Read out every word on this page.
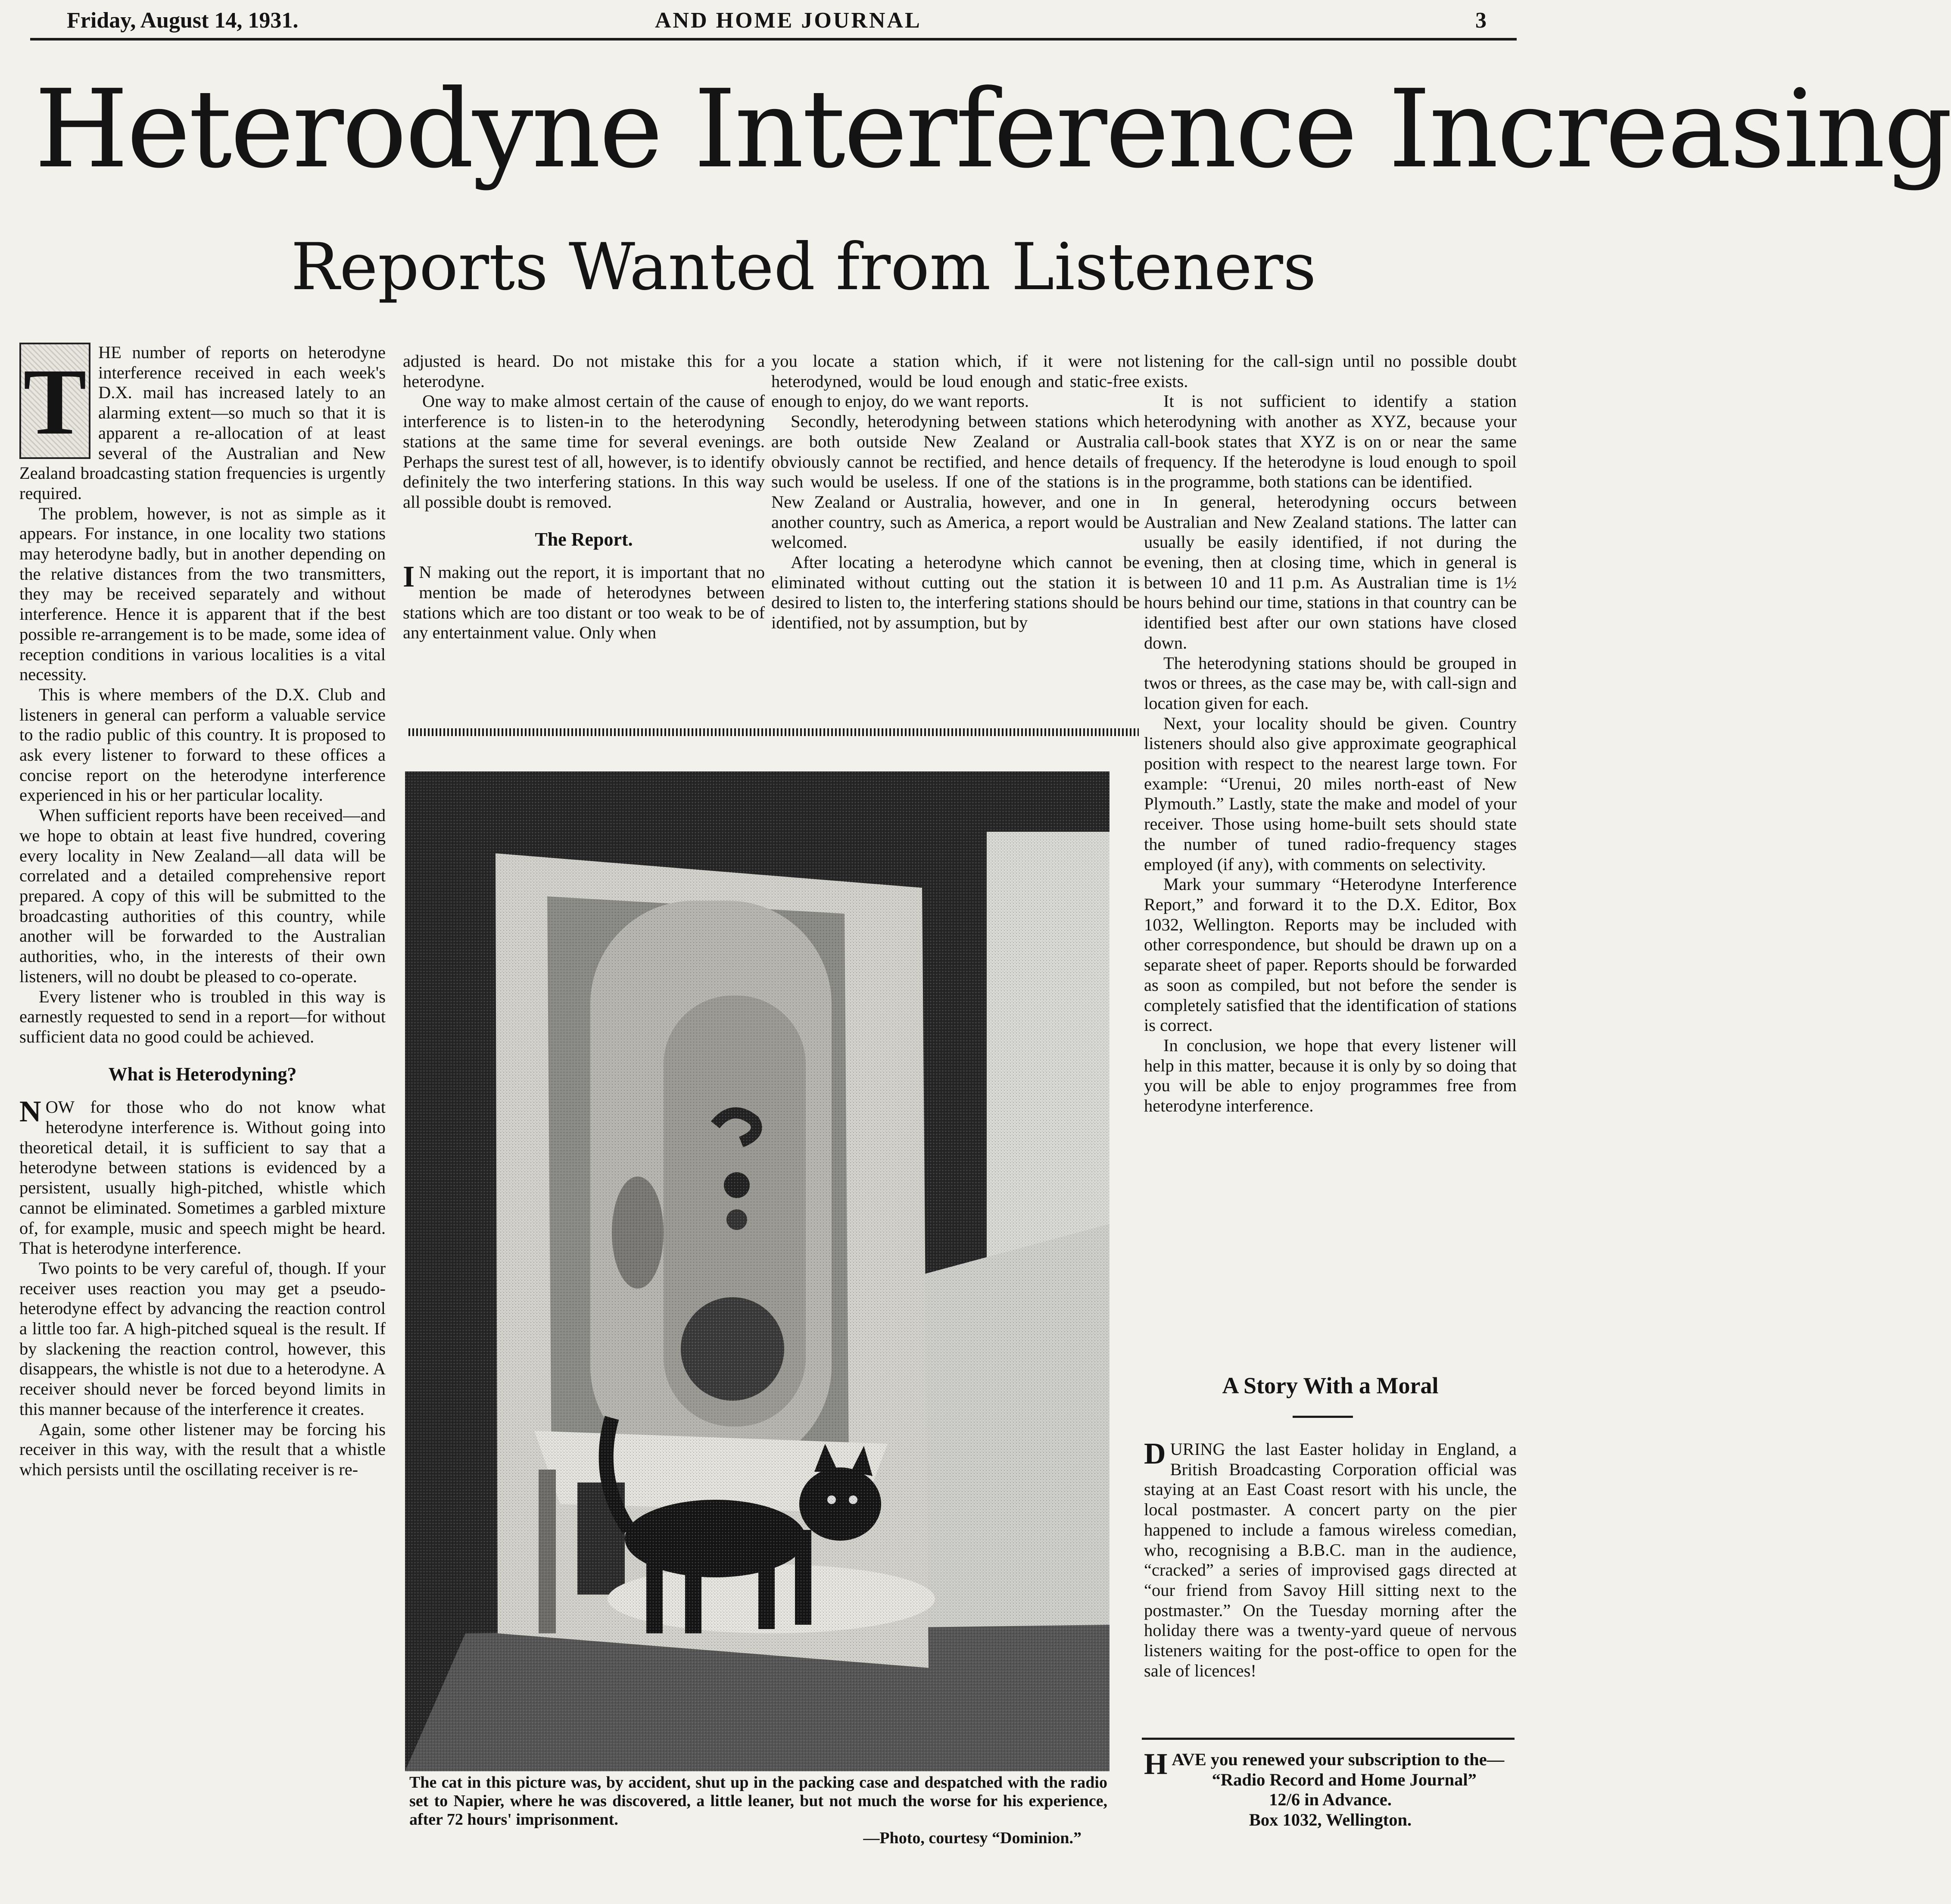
Friday, August 14, 1931.	AND HOME JOURNAL	3
Heterodyne Interference Increasing
Reports Wanted from Listeners
T HE number of reports on heterodyne interference received in each week's D.X. mail has increased lately to an alarming extent—so much so that it is apparent a re-allocation of at least several of the Australian and New Zealand broadcasting station frequencies is urgently required.

The problem, however, is not as simple as it appears. For instance, in one locality two stations may heterodyne badly, but in another depending on the relative distances from the two transmitters, they may be received separately and without interference. Hence it is apparent that if the best possible re-arrangement is to be made, some idea of reception conditions in various localities is a vital necessity.

This is where members of the D.X. Club and listeners in general can perform a valuable service to the radio public of this country. It is proposed to ask every listener to forward to these offices a concise report on the heterodyne interference experienced in his or her particular locality.

When sufficient reports have been received—and we hope to obtain at least five hundred, covering every locality in New Zealand—all data will be correlated and a detailed comprehensive report prepared. A copy of this will be submitted to the broadcasting authorities of this country, while another will be forwarded to the Australian authorities, who, in the interests of their own listeners, will no doubt be pleased to co-operate.

Every listener who is troubled in this way is earnestly requested to send in a report—for without sufficient data no good could be achieved.

What is Heterodyning?

NOW for those who do not know what heterodyne interference is. Without going into theoretical detail, it is sufficient to say that a heterodyne between stations is evidenced by a persistent, usually high-pitched, whistle which cannot be eliminated. Sometimes a garbled mixture of, for example, music and speech might be heard. That is heterodyne interference.

Two points to be very careful of, though. If your receiver uses reaction you may get a pseudo-heterodyne effect by advancing the reaction control a little too far. A high-pitched squeal is the result. If by slackening the reaction control, however, this disappears, the whistle is not due to a heterodyne. A receiver should never be forced beyond limits in this manner because of the interference it creates.

Again, some other listener may be forcing his receiver in this way, with the result that a whistle which persists until the oscillating receiver is re-

adjusted is heard. Do not mistake this for a heterodyne.

One way to make almost certain of the cause of interference is to listen-in to the heterodyning stations at the same time for several evenings. Perhaps the surest test of all, however, is to identify definitely the two interfering stations. In this way all possible doubt is removed.

The Report.

I N making out the report, it is important that no mention be made of heterodynes between stations which are too distant or too weak to be of any entertainment value. Only when

you locate a station which, if it were not heterodyned, would be loud enough and static-free enough to enjoy, do we want reports.

Secondly, heterodyning between stations which are both outside New Zealand or Australia obviously cannot be rectified, and hence details of such would be useless. If one of the stations is in New Zealand or Australia, however, and one in another country, such as America, a report would be welcomed.

After locating a heterodyne which cannot be eliminated without cutting out the station it is desired to listen to, the interfering stations should be identified, not by assumption, but by

listening for the call-sign until no possible doubt exists.

It is not sufficient to identify a station heterodyning with another as XYZ, because your call-book states that XYZ is on or near the same frequency. If the heterodyne is loud enough to spoil the programme, both stations can be identified.

In general, heterodyning occurs between Australian and New Zealand stations. The latter can usually be easily identified, if not during the evening, then at closing time, which in general is between 10 and 11 p.m. As Australian time is 1½ hours behind our time, stations in that country can be identified best after our own stations have closed down.

The heterodyning stations should be grouped in twos or threes, as the case may be, with call-sign and location given for each.

Next, your locality should be given. Country listeners should also give approximate geographical position with respect to the nearest large town. For example: “Urenui, 20 miles north-east of New Plymouth.” Lastly, state the make and model of your receiver. Those using home-built sets should state the number of tuned radio-frequency stages employed (if any), with comments on selectivity.

Mark your summary “Heterodyne Interference Report,” and forward it to the D.X. Editor, Box 1032, Wellington. Reports may be included with other correspondence, but should be drawn up on a separate sheet of paper. Reports should be forwarded as soon as compiled, but not before the sender is completely satisfied that the identification of stations is correct.

In conclusion, we hope that every listener will help in this matter, because it is only by so doing that you will be able to enjoy programmes free from heterodyne interference.

The cat in this picture was, by accident, shut up in the packing case and despatched with the radio set to Napier, where he was discovered, a little leaner, but not much the worse for his experience, after 72 hours' imprisonment.
—Photo, courtesy “Dominion.”
A Story With a Moral

DURING the last Easter holiday in England, a British Broadcasting Corporation official was staying at an East Coast resort with his uncle, the local postmaster. A concert party on the pier happened to include a famous wireless comedian, who, recognising a B.B.C. man in the audience, “cracked” a series of improvised gags directed at “our friend from Savoy Hill sitting next to the postmaster.” On the Tuesday morning after the holiday there was a twenty-yard queue of nervous listeners waiting for the post-office to open for the sale of licences!

HAVE you renewed your subscription to the—

“Radio Record and Home Journal”
12/6 in Advance.
Box 1032, Wellington.
